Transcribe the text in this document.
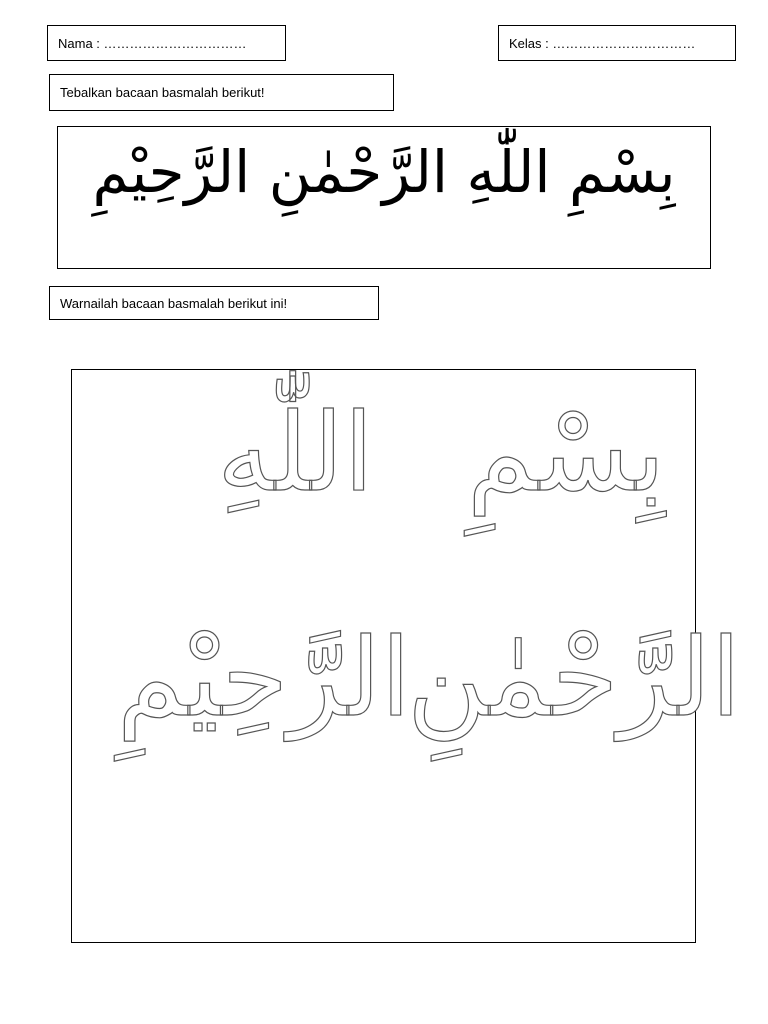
Nama : ……………………………	Kelas : ……………………………
Tebalkan bacaan basmalah berikut!
بِسْمِ اللّٰهِ الرَّحْمٰنِ الرَّحِيْمِ
Warnailah bacaan basmalah berikut ini!
بِسْمِ
اللّٰهِ
الرَّحْمٰنِ
الرَّحِيْمِ
